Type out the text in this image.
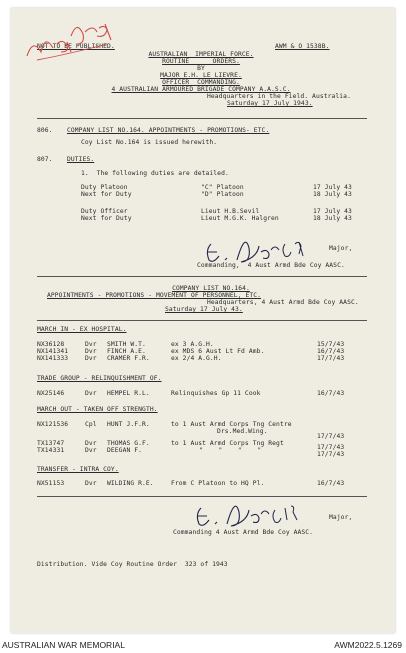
NOT TO BE PUBLISHED.	AWM & O 1538B.
AUSTRALIAN  IMPERIAL FORCE.
ROUTINE      ORDERS.
BY
MAJOR E.H. LE LIEVRE.
OFFICER  COMMANDING.
4 AUSTRALIAN ARMOURED BRIGADE COMPANY A.A.S.C.
Headquarters in the Field. Australia.
Saturday 17 July 1943.
806. COMPANY LIST NO.164. APPOINTMENTS - PROMOTIONS- ETC.
Coy List No.164 is issued herewith.
807. DUTIES.
1.  The following duties are detailed.
Duty Platoon	"C" Platoon	17 July 43
Next for Duty	"D" Platoon	18 July 43
Duty Officer	Lieut H.B.Sevil	17 July 43
Next for Duty	Lieut M.G.K. Halgren	18 July 43
Major,
Commanding,  4 Aust Armd Bde Coy AASC.
COMPANY LIST NO.164.
APPOINTMENTS - PROMOTIONS - MOVEMENT OF PERSONNEL, ETC.
Headquarters, 4 Aust Armd Bde Coy AASC.
Saturday 17 July 43.
MARCH IN - EX HOSPITAL.
NX36128	Dvr SMITH W.T.	ex 3 A.G.H.	15/7/43
NX141341	Dvr FINCH A.E.	ex MDS 6 Aust Lt Fd Amb.	16/7/43
NX141333	Dvr CRAMER F.R.	ex 2/4 A.G.H.	17/7/43
TRADE GROUP - RELINQUISHMENT OF.
NX25146	Dvr HEMPEL R.L.	Relinquishes Gp 11 Cook	16/7/43
MARCH OUT - TAKEN OFF STRENGTH.
NX121536	Cpl HUNT J.F.R.	to 1 Aust Armd Corps Tng Centre
Drs.Med.Wing.
17/7/43
TX13747	Dvr THOMAS G.F.	to 1 Aust Armd Corps Tng Regt
17/7/43
TX14331	Dvr DEEGAN F.	"    "    "    "
17/7/43
TRANSFER - INTRA COY.
NX51153	Dvr WILDING R.E.	From C Platoon to HQ Pl.	16/7/43
Major,
Commanding 4 Aust Armd Bde Coy AASC.
Distribution. Vide Coy Routine Order  323 of 1943
AUSTRALIAN WAR MEMORIAL	AWM2022.5.1269
